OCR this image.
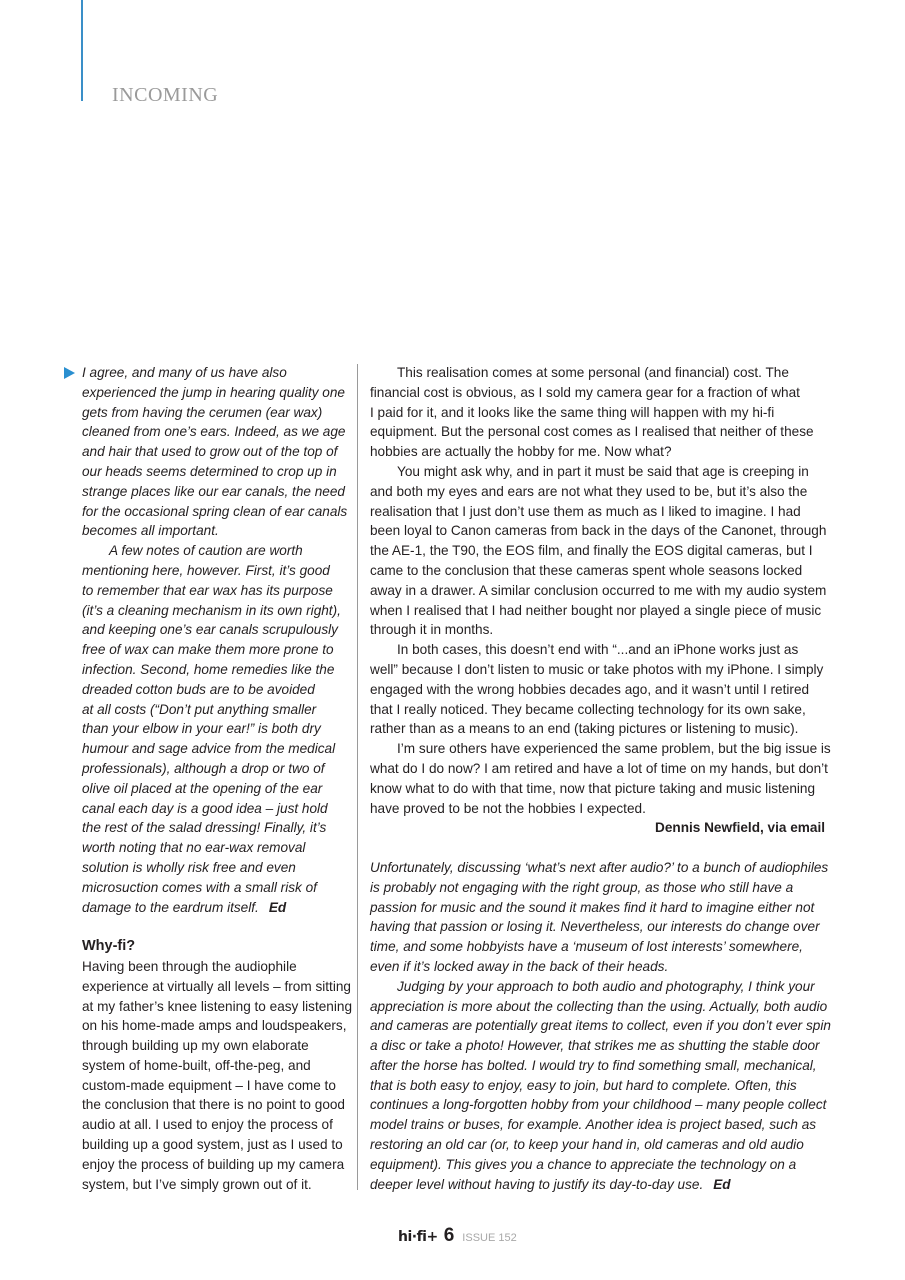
INCOMING
I agree, and many of us have also
experienced the jump in hearing quality one
gets from having the cerumen (ear wax)
cleaned from one’s ears. Indeed, as we age
and hair that used to grow out of the top of
our heads seems determined to crop up in
strange places like our ear canals, the need
for the occasional spring clean of ear canals
becomes all important.
A few notes of caution are worth
mentioning here, however. First, it’s good
to remember that ear wax has its purpose
(it’s a cleaning mechanism in its own right),
and keeping one’s ear canals scrupulously
free of wax can make them more prone to
infection. Second, home remedies like the
dreaded cotton buds are to be avoided
at all costs (“Don’t put anything smaller
than your elbow in your ear!” is both dry
humour and sage advice from the medical
professionals), although a drop or two of
olive oil placed at the opening of the ear
canal each day is a good idea – just hold
the rest of the salad dressing! Finally, it’s
worth noting that no ear-wax removal
solution is wholly risk free and even
microsuction comes with a small risk of
damage to the eardrum itself. Ed
Why-fi?
Having been through the audiophile
experience at virtually all levels – from sitting
at my father’s knee listening to easy listening
on his home-made amps and loudspeakers,
through building up my own elaborate
system of home-built, off-the-peg, and
custom-made equipment – I have come to
the conclusion that there is no point to good
audio at all. I used to enjoy the process of
building up a good system, just as I used to
enjoy the process of building up my camera
system, but I’ve simply grown out of it.
This realisation comes at some personal (and financial) cost. The
financial cost is obvious, as I sold my camera gear for a fraction of what
I paid for it, and it looks like the same thing will happen with my hi-fi
equipment. But the personal cost comes as I realised that neither of these
hobbies are actually the hobby for me. Now what?
You might ask why, and in part it must be said that age is creeping in
and both my eyes and ears are not what they used to be, but it’s also the
realisation that I just don’t use them as much as I liked to imagine. I had
been loyal to Canon cameras from back in the days of the Canonet, through
the AE-1, the T90, the EOS film, and finally the EOS digital cameras, but I
came to the conclusion that these cameras spent whole seasons locked
away in a drawer. A similar conclusion occurred to me with my audio system
when I realised that I had neither bought nor played a single piece of music
through it in months.
In both cases, this doesn’t end with “...and an iPhone works just as
well” because I don’t listen to music or take photos with my iPhone. I simply
engaged with the wrong hobbies decades ago, and it wasn’t until I retired
that I really noticed. They became collecting technology for its own sake,
rather than as a means to an end (taking pictures or listening to music).
I’m sure others have experienced the same problem, but the big issue is
what do I do now? I am retired and have a lot of time on my hands, but don’t
know what to do with that time, now that picture taking and music listening
have proved to be not the hobbies I expected.
Dennis Newfield, via email
Unfortunately, discussing ‘what’s next after audio?’ to a bunch of audiophiles
is probably not engaging with the right group, as those who still have a
passion for music and the sound it makes find it hard to imagine either not
having that passion or losing it. Nevertheless, our interests do change over
time, and some hobbyists have a ‘museum of lost interests’ somewhere,
even if it’s locked away in the back of their heads.
Judging by your approach to both audio and photography, I think your
appreciation is more about the collecting than the using. Actually, both audio
and cameras are potentially great items to collect, even if you don’t ever spin
a disc or take a photo! However, that strikes me as shutting the stable door
after the horse has bolted. I would try to find something small, mechanical,
that is both easy to enjoy, easy to join, but hard to complete. Often, this
continues a long-forgotten hobby from your childhood – many people collect
model trains or buses, for example. Another idea is project based, such as
restoring an old car (or, to keep your hand in, old cameras and old audio
equipment). This gives you a chance to appreciate the technology on a
deeper level without having to justify its day-to-day use. Ed
hi·fi+ 6 ISSUE 152
